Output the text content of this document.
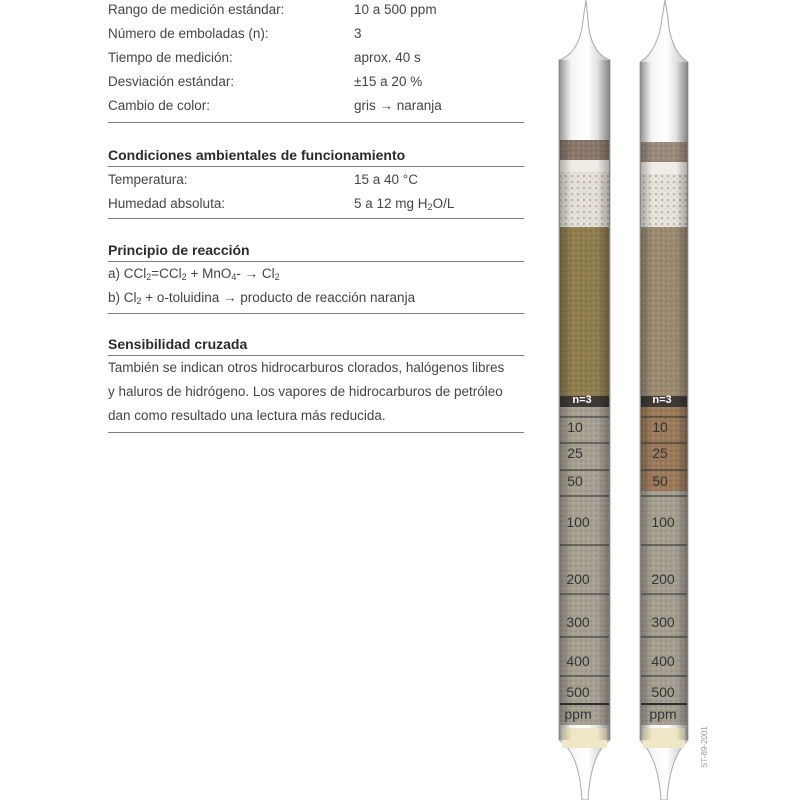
Rango de medición estándar:	10 a 500 ppm
Número de emboladas (n):	3
Tiempo de medición:	aprox. 40 s
Desviación estándar:	±15 a 20 %
Cambio de color:	gris → naranja
Condiciones ambientales de funcionamiento
Temperatura:	15 a 40 °C
Humedad absoluta:	5 a 12 mg $H_2O/L$
Principio de reacción
a) $CCl_2=CCl_2 + MnO_4- \to Cl_2$
b) $Cl_2$ + o-toluidina → producto de reacción naranja
Sensibilidad cruzada

También se indican otros hidrocarburos clorados, halógenos libres

y haluros de hidrógeno. Los vapores de hidrocarburos de petróleo

dan como resultado una lectura más reducida.

n=3
10
25
50
100
200
300
400
500
ppm
n=3
10
25
50
100
200
300
400
500
ppm
ST-89-2001
